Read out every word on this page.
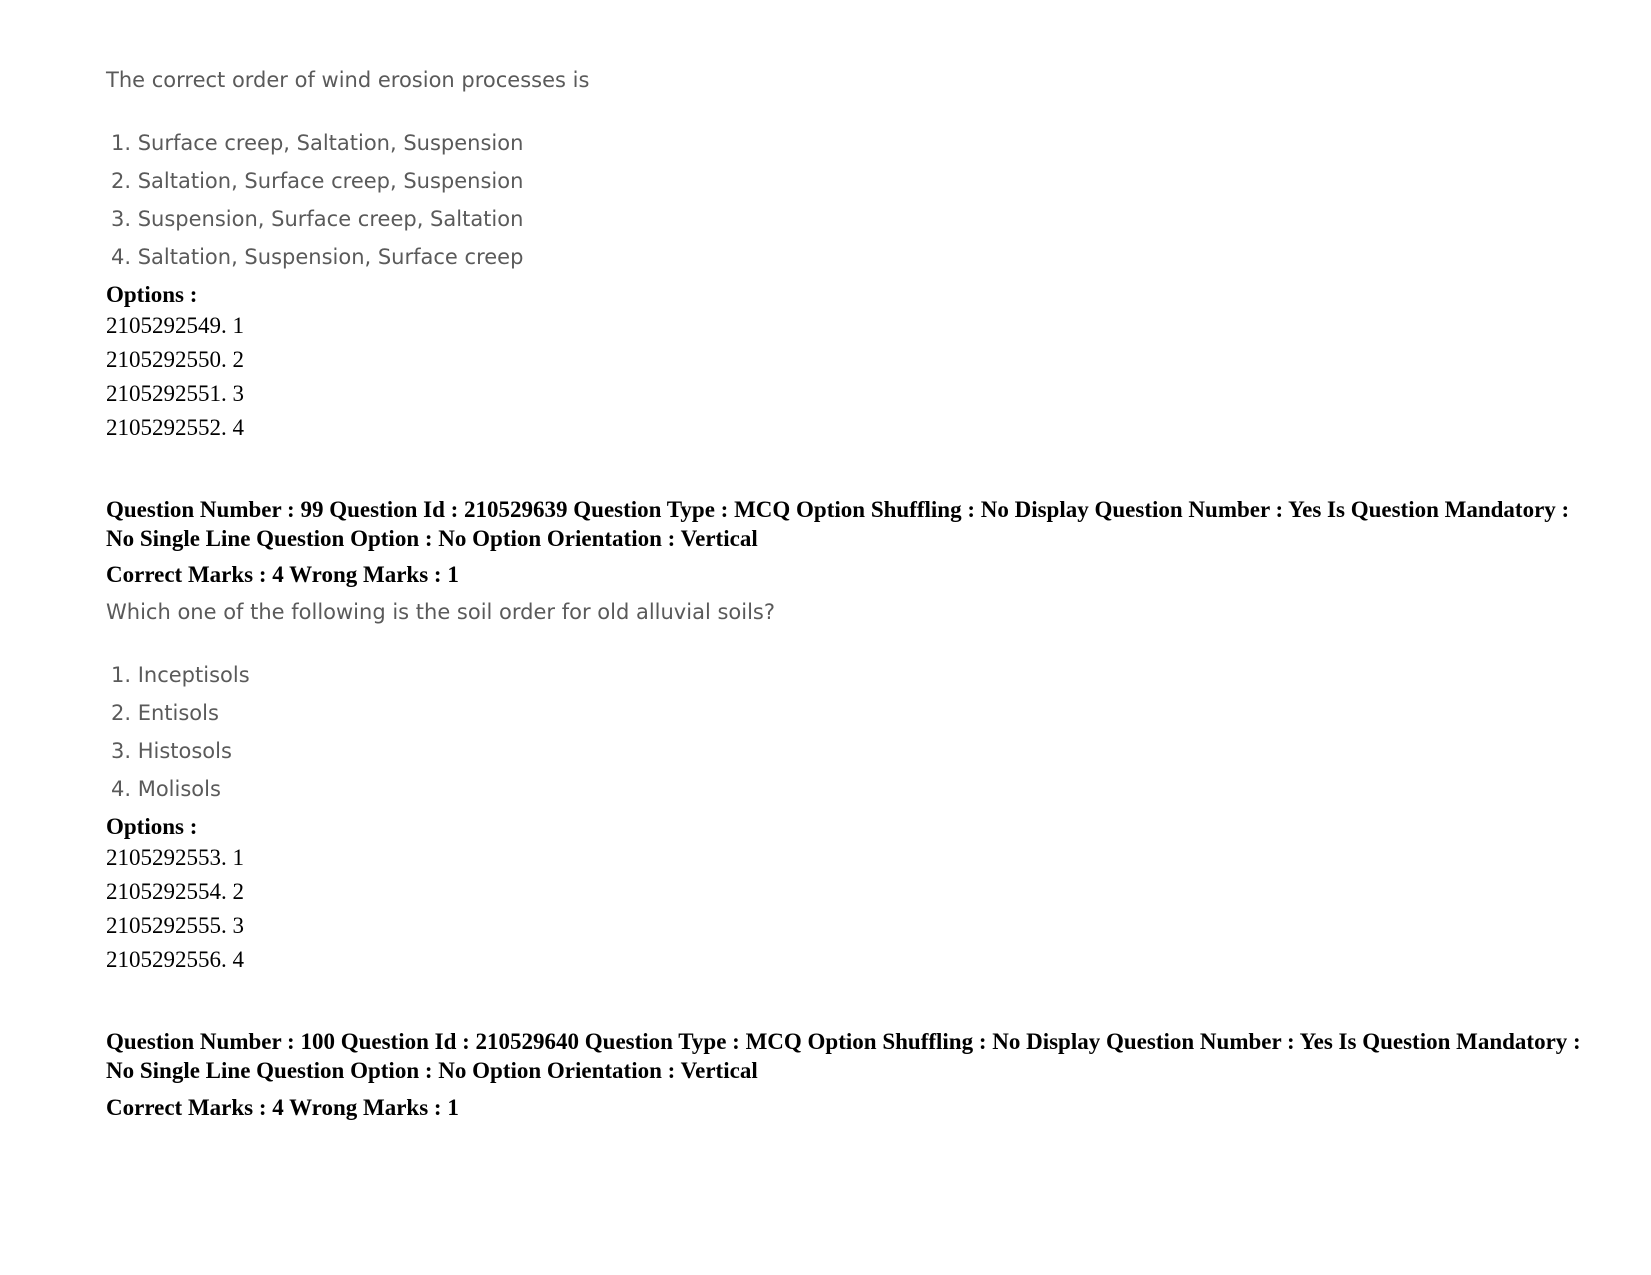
The correct order of wind erosion processes is

1. Surface creep, Saltation, Suspension
2. Saltation, Surface creep, Suspension
3. Suspension, Surface creep, Saltation
4. Saltation, Suspension, Surface creep

Options :

2105292549. 1

2105292550. 2

2105292551. 3

2105292552. 4

Question Number : 99 Question Id : 210529639 Question Type : MCQ Option Shuffling : No Display Question Number : Yes Is Question Mandatory : No Single Line Question Option : No Option Orientation : Vertical

Correct Marks : 4 Wrong Marks : 1

Which one of the following is the soil order for old alluvial soils?

1. Inceptisols
2. Entisols
3. Histosols
4. Molisols

Options :

2105292553. 1

2105292554. 2

2105292555. 3

2105292556. 4

Question Number : 100 Question Id : 210529640 Question Type : MCQ Option Shuffling : No Display Question Number : Yes Is Question Mandatory : No Single Line Question Option : No Option Orientation : Vertical

Correct Marks : 4 Wrong Marks : 1
